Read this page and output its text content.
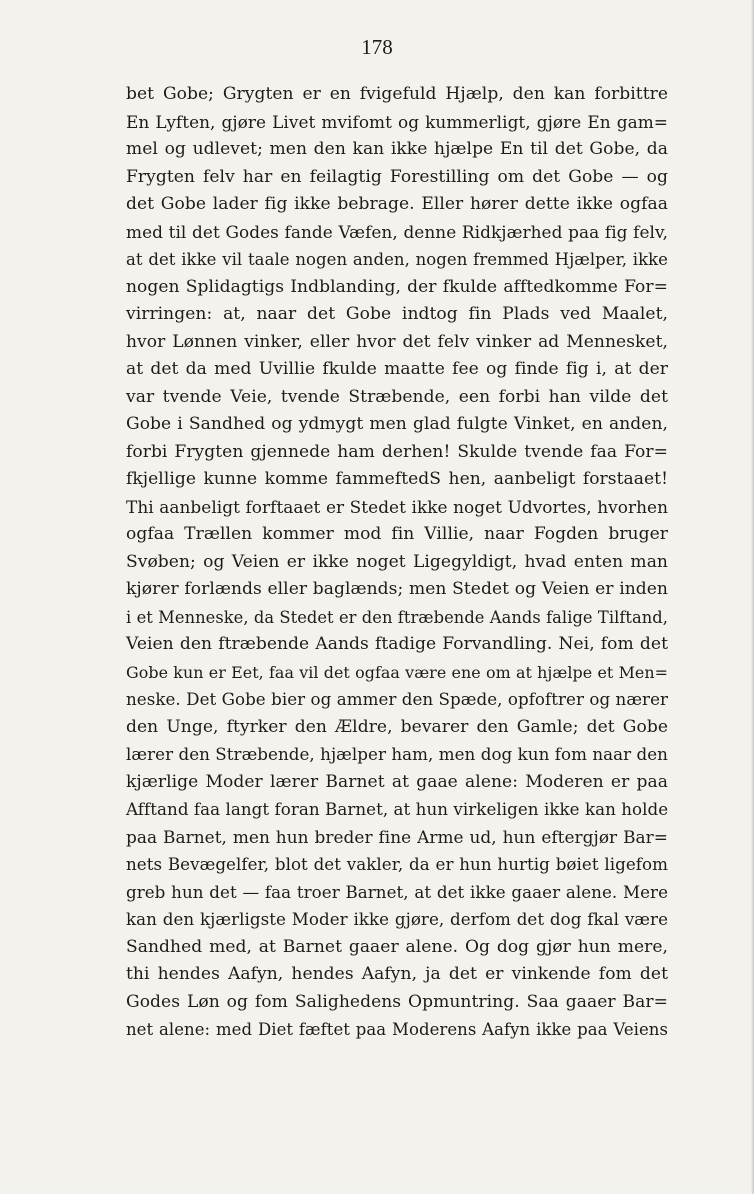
178
bet Gobe; Grygten er en fvigefuld Hjælp, den kan forbittre
En Lyften, gjøre Livet mvifomt og kummerligt, gjøre En gam=
mel og udlevet; men den kan ikke hjælpe En til det Gobe, da
Frygten felv har en feilagtig Forestilling om det Gobe — og
det Gobe lader fig ikke bebrage. Eller hører dette ikke ogfaa
med til det Godes fande Væfen, denne Ridkjærhed paa fig felv,
at det ikke vil taale nogen anden, nogen fremmed Hjælper, ikke
nogen Splidagtigs Indblanding, der fkulde afftedkomme For=
virringen: at, naar det Gobe indtog fin Plads ved Maalet,
hvor Lønnen vinker, eller hvor det felv vinker ad Mennesket,
at det da med Uvillie fkulde maatte fee og finde fig i, at der
var tvende Veie, tvende Stræbende, een forbi han vilde det
Gobe i Sandhed og ydmygt men glad fulgte Vinket, en anden,
forbi Frygten gjennede ham derhen! Skulde tvende faa For=
fkjellige kunne komme fammeftedS hen, aanbeligt forstaaet!
Thi aanbeligt forftaaet er Stedet ikke noget Udvortes, hvorhen
ogfaa Trællen kommer mod fin Villie, naar Fogden bruger
Svøben; og Veien er ikke noget Ligegyldigt, hvad enten man
kjører forlænds eller baglænds; men Stedet og Veien er inden
i et Menneske, da Stedet er den ftræbende Aands falige Tilftand,
Veien den ftræbende Aands ftadige Forvandling. Nei, fom det
Gobe kun er Eet, faa vil det ogfaa være ene om at hjælpe et Men=
neske. Det Gobe bier og ammer den Spæde, opfoftrer og nærer
den Unge, ftyrker den Ældre, bevarer den Gamle; det Gobe
lærer den Stræbende, hjælper ham, men dog kun fom naar den
kjærlige Moder lærer Barnet at gaae alene: Moderen er paa
Afftand faa langt foran Barnet, at hun virkeligen ikke kan holde
paa Barnet, men hun breder fine Arme ud, hun eftergjør Bar=
nets Bevægelfer, blot det vakler, da er hun hurtig bøiet ligefom
greb hun det — faa troer Barnet, at det ikke gaaer alene. Mere
kan den kjærligste Moder ikke gjøre, derfom det dog fkal være
Sandhed med, at Barnet gaaer alene. Og dog gjør hun mere,
thi hendes Aafyn, hendes Aafyn, ja det er vinkende fom det
Godes Løn og fom Salighedens Opmuntring. Saa gaaer Bar=
net alene: med Diet fæftet paa Moderens Aafyn ikke paa Veiens
